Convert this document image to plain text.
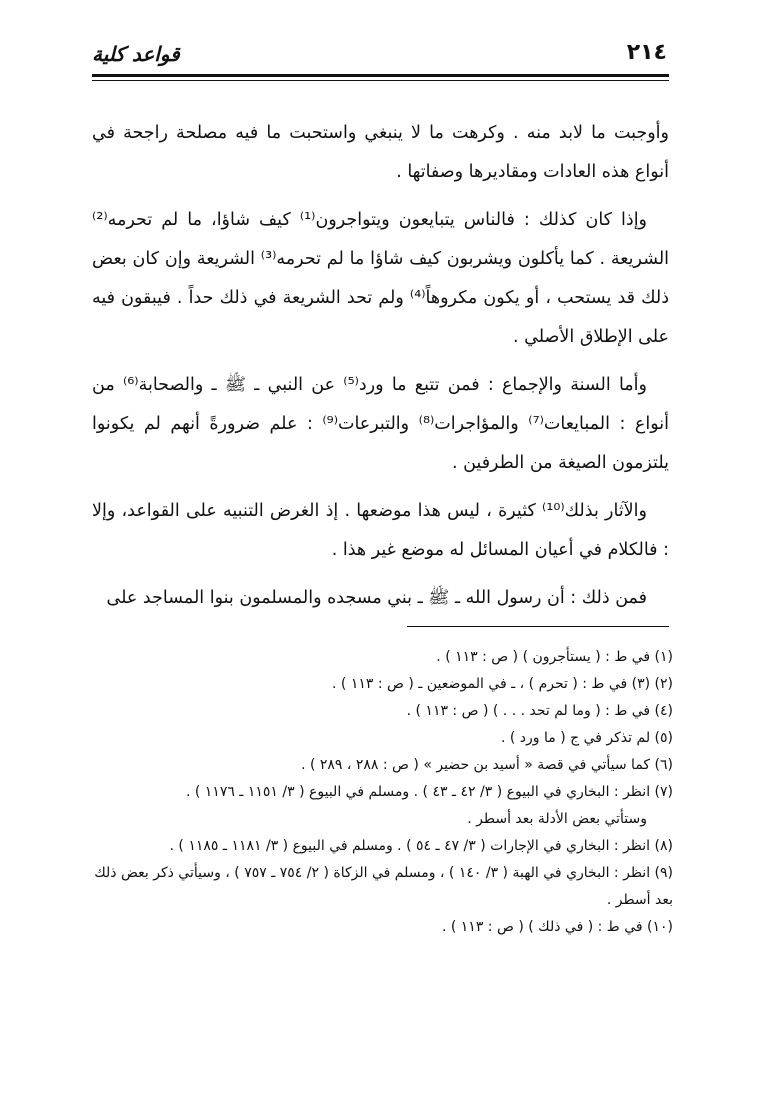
٢١٤
قواعد كلية

وأوجبت ما لابد منه . وكرهت ما لا ينبغي واستحبت ما فيه مصلحة راجحة في أنواع هذه العادات ومقاديرها وصفاتها .

وإذا كان كذلك : فالناس يتبايعون ويتواجرون⁽¹⁾ كيف شاؤا، ما لم تحرمه⁽²⁾ الشريعة . كما يأكلون ويشربون كيف شاؤا ما لم تحرمه⁽³⁾ الشريعة وإن كان بعض ذلك قد يستحب ، أو يكون مكروهاً⁽⁴⁾ ولم تحد الشريعة في ذلك حداً . فيبقون فيه على الإطلاق الأصلي .

وأما السنة والإجماع : فمن تتبع ما ورد⁽⁵⁾ عن النبي ـ ﷺ ـ والصحابة⁽⁶⁾ من أنواع : المبايعات⁽⁷⁾ والمؤاجرات⁽⁸⁾ والتبرعات⁽⁹⁾ : علم ضرورةً أنهم لم يكونوا يلتزمون الصيغة من الطرفين .

والآثار بذلك⁽¹⁰⁾ كثيرة ، ليس هذا موضعها . إذ الغرض التنبيه على القواعد، وإلا : فالكلام في أعيان المسائل له موضع غير هذا .

فمن ذلك : أن رسول الله ـ ﷺ ـ بني مسجده والمسلمون بنوا المساجد على

(١) في ط : ( يستأجرون ) ( ص : ١١٣ ) .

(٢) (٣) في ط : ( تحرم ) ، ـ في الموضعين ـ ( ص : ١١٣ ) .

(٤) في ط : ( وما لم تحد . . . ) ( ص : ١١٣ ) .

(٥) لم تذكر في ج ( ما ورد ) .

(٦) كما سيأتي في قصة « أسيد بن حضير » ( ص : ٢٨٨ ، ٢٨٩ ) .

(٧) انظر : البخاري في البيوع ( ٣/ ٤٢ ـ ٤٣ ) . ومسلم في البيوع ( ٣/ ١١٥١ ـ ١١٧٦ ) .

وستأتي بعض الأدلة بعد أسطر .

(٨) انظر : البخاري في الإجارات ( ٣/ ٤٧ ـ ٥٤ ) . ومسلم في البيوع ( ٣/ ١١٨١ ـ ١١٨٥ ) .

(٩) انظر : البخاري في الهبة ( ٣/ ١٤٠ ) ، ومسلم في الزكاة ( ٢/ ٧٥٤ ـ ٧٥٧ ) ، وسيأتي ذكر بعض ذلك بعد أسطر .

(١٠) في ط : ( في ذلك ) ( ص : ١١٣ ) .
